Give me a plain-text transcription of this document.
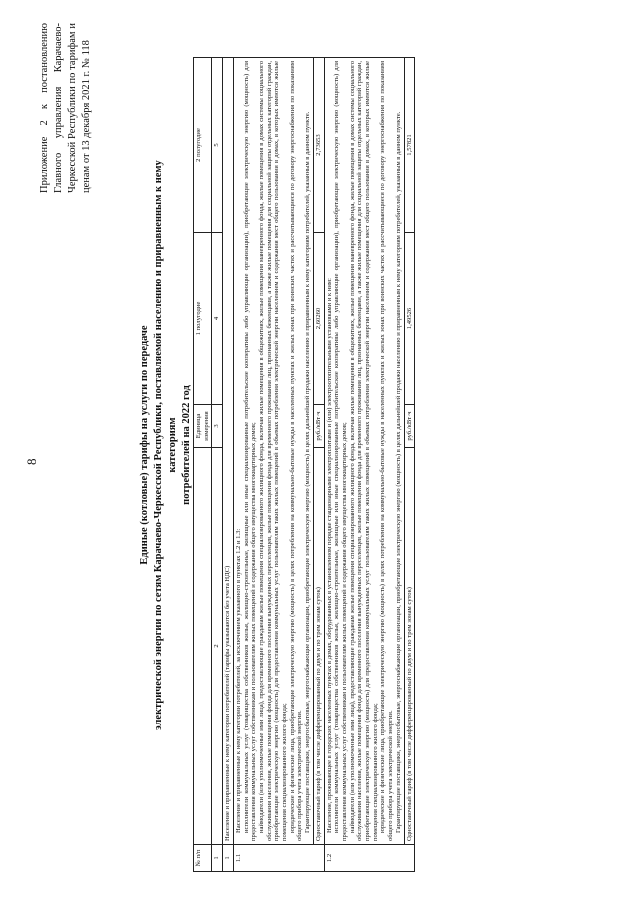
8
Приложение 2 к постановлению Главного управления Карачаево-Черкесской Республики по тарифам и ценам от 13 декабря 2021 г. № 118
Единые (котловые) тарифы на услуги по передаче электрической энергии по сетям Карачаево-Черкесской Республики, поставляемой населению и приравненным к нему категориям потребителей на 2022 год
№ п/п		Единица измерения	1 полугодие	2 полугодие
1	2	3	4	5
1	Население и приравненные к нему категории потребителей (тарифы указываются без учета НДС)			
1.1	Население и приравненные к нему категории потребителей, за исключением указанного в пунктах 1.2 и 1.3: исполнители коммунальных услуг (товарищества собственников жилья, жилищно-строительные, жилищные или иные специализированные потребительские кооперативы либо управляющие организации), приобретающие электрическую энергию (мощность) для предоставления коммунальных услуг собственникам и пользователям жилых помещений и содержания общего имущества многоквартирных домов; наймодатели (или уполномоченные ими лица), предоставляющие гражданам жилые помещения специализированного жилищного фонда, включая жилые помещения в общежитиях, жилые помещения маневренного фонда, жилые помещения в домах системы социального обслуживания населения, жилые помещения фонда для временного поселения вынужденных переселенцев, жилые помещения фонда для временного проживания лиц, признанных беженцами, а также жилые помещения для социальной защиты отдельных категорий граждан, приобретающие электрическую энергию (мощность) для предоставления коммунальных услуг пользователям таких жилых помещений в объемах потребления электрической энергии населением и содержания мест общего пользования в домах, в которых имеются жилые помещения специализированного жилого фонда; юридические и физические лица, приобретающие электрическую энергию (мощность) в целях потребления на коммунально-бытовые нужды в населенных пунктах и жилых зонах при воинских частях и рассчитывающиеся по договору энергоснабжения по показаниям общего прибора учета электрической энергии. Гарантирующие поставщики, энергосбытовые, энергоснабжающие организации, приобретающие электрическую энергию (мощность) в целях дальнейшей продажи населению и приравненным к нему категориям потребителей, указанным в данном пункте.			

	Одноставочный тариф (в том числе дифференцированный по двум и по трем зонам суток)	руб./кВт·ч	2,60260	2,73653
1.2	Население, проживающее в городских населенных пунктах в домах, оборудованных в установленном порядке стационарными электроплитами и (или) электроотопительными установками и к ним: исполнители коммунальных услуг (товарищества собственников жилья, жилищно-строительные, жилищные или иные специализированные потребительские кооперативы либо управляющие организации), приобретающие электрическую энергию (мощность) для предоставления коммунальных услуг собственникам и пользователям жилых помещений и содержания общего имущества многоквартирных домов; наймодатели (или уполномоченные ими лица), предоставляющие гражданам жилые помещения специализированного жилищного фонда, включая жилые помещения в общежитиях, жилые помещения маневренного фонда, жилые помещения в домах системы социального обслуживания населения, жилые помещения фонда для временного поселения вынужденных переселенцев, жилые помещения фонда для временного проживания лиц, признанных беженцами, а также жилые помещения для социальной защиты отдельных категорий граждан, приобретающие электрическую энергию (мощность) для предоставления коммунальных услуг пользователям таких жилых помещений в объемах потребления электрической энергии населением и содержания мест общего пользования в домах, в которых имеются жилые помещения специализированного жилого фонда; юридические и физические лица, приобретающие электрическую энергию (мощность) в целях потребления на коммунально-бытовые нужды в населенных пунктах и жилых зонах при воинских частях и рассчитывающиеся по договору энергоснабжения по показаниям общего прибора учета электрической энергии. Гарантирующие поставщики, энергосбытовые, энергоснабжающие организации, приобретающие электрическую энергию (мощность) в целях дальнейшей продажи населению и приравненным к нему категориям потребителей, указанным в данном пункте.			

	Одноставочный тариф (в том числе дифференцированный по двум и по трем зонам суток)	руб./кВт·ч	1,49526	1,57821
